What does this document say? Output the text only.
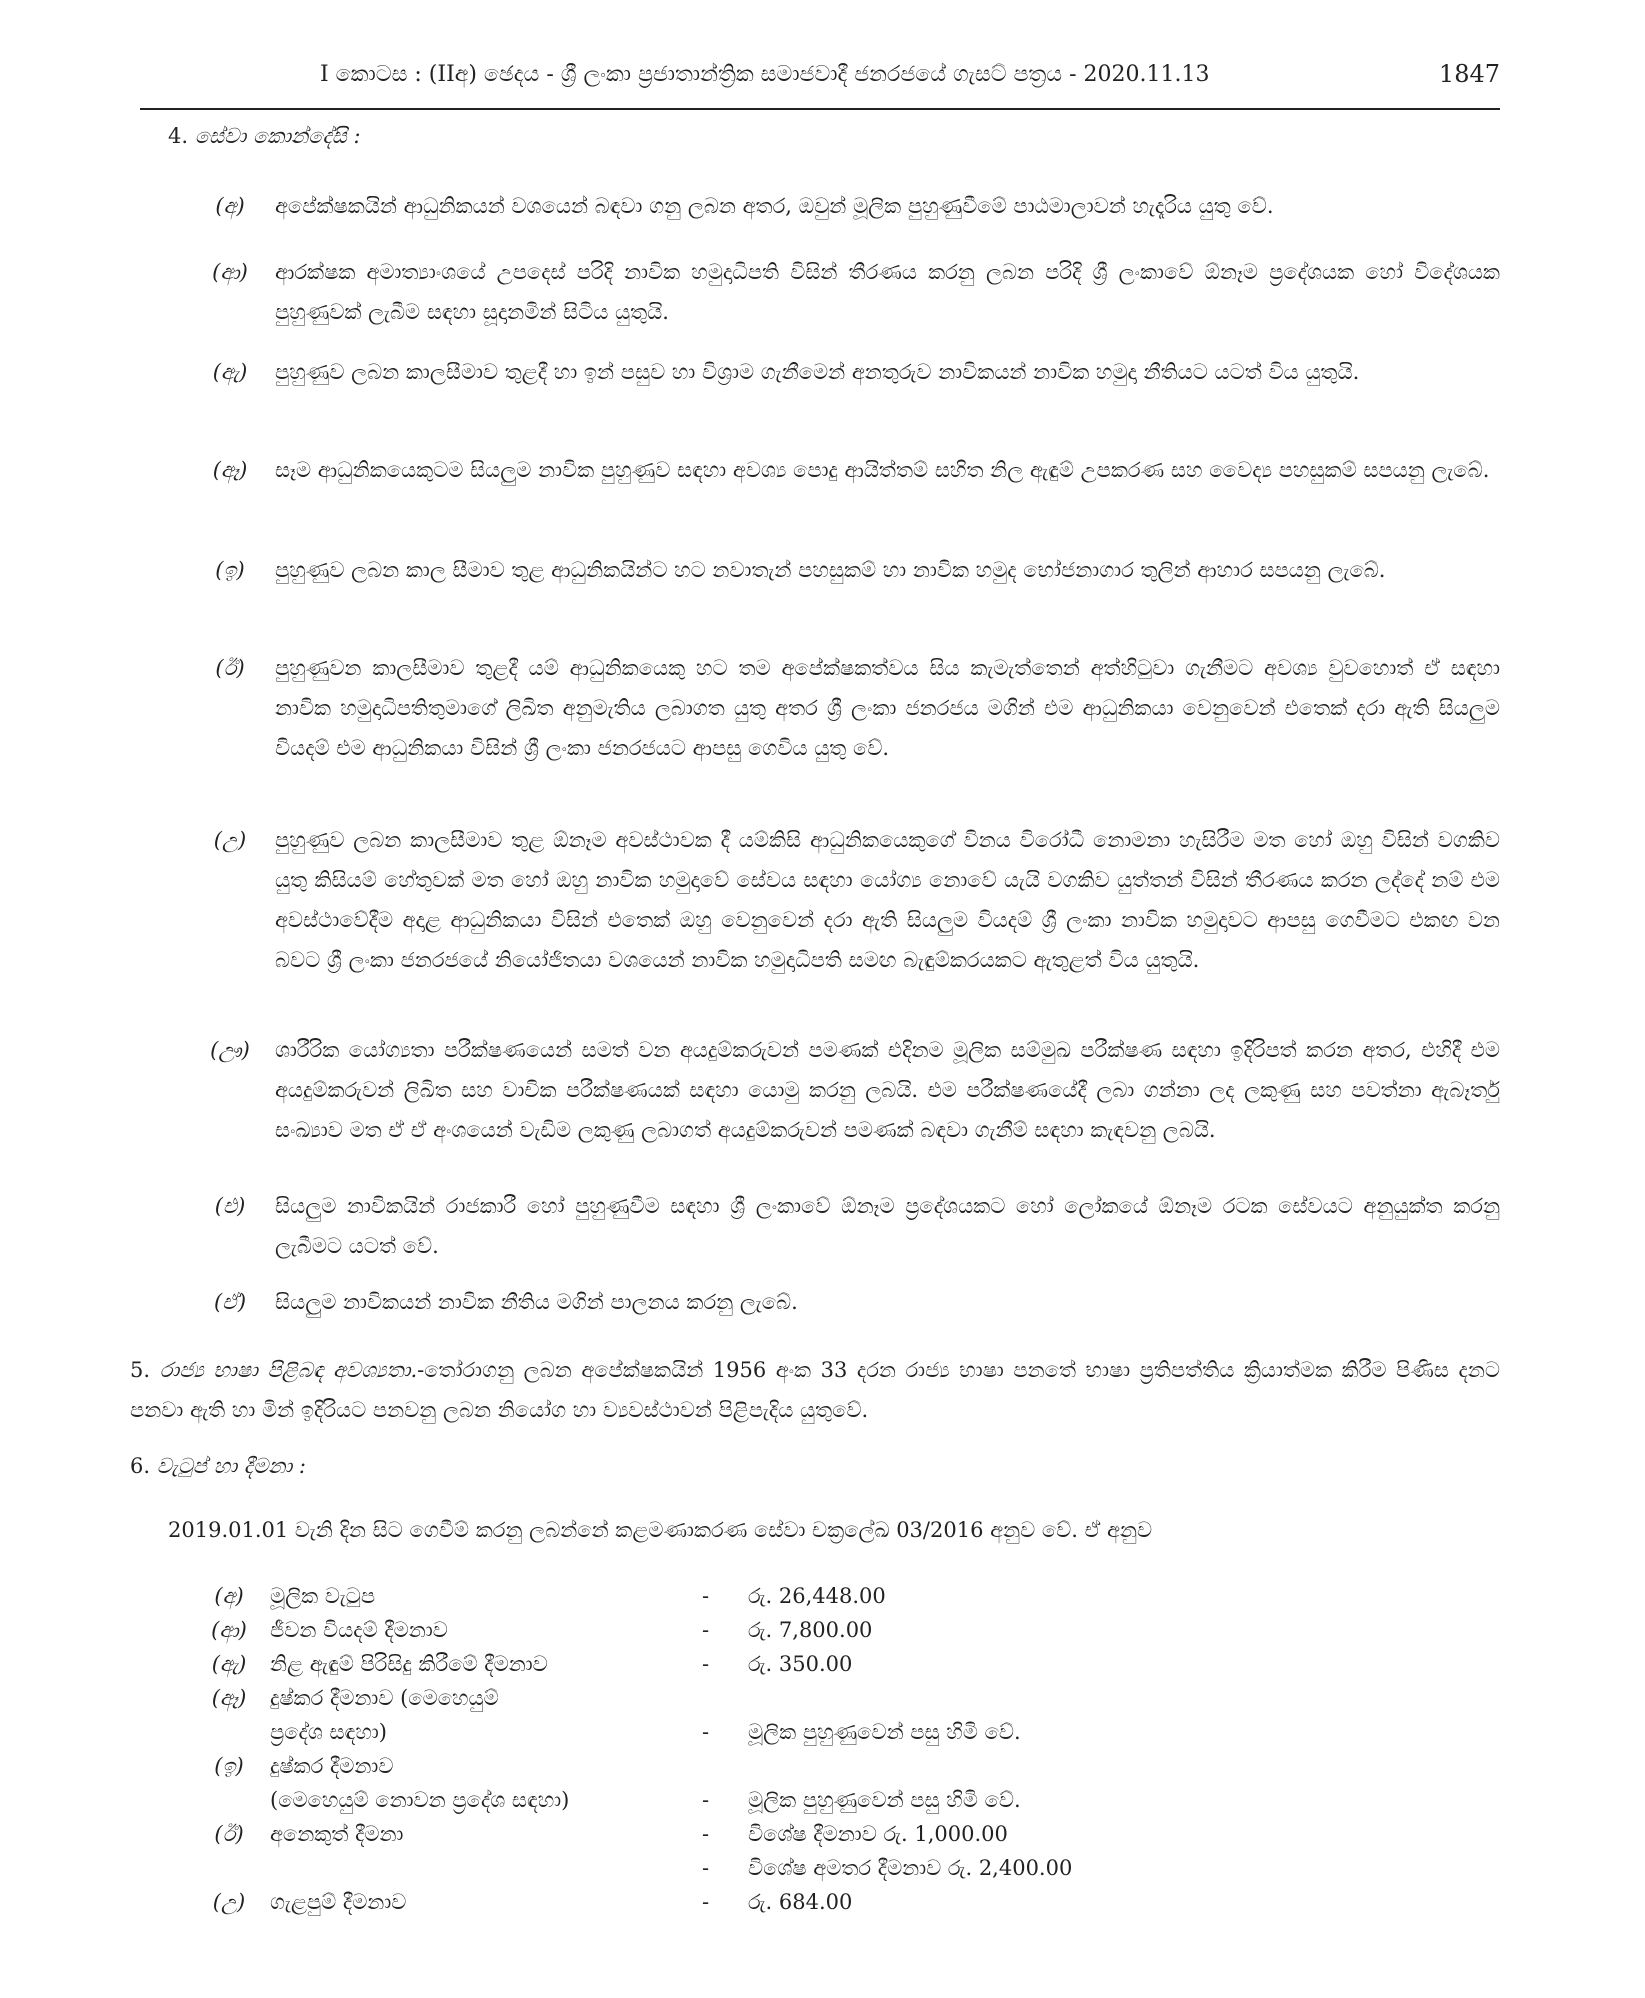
I කොටස : (IIඅ) ඡෙදය - ශ්‍රී ලංකා ප්‍රජාතාන්ත්‍රික සමාජවාදී ජනරජයේ ගැසට් පත්‍රය - 2020.11.13	1847
4. සේවා කොන්දේසි :
(අ)	අපේක්ෂකයින් ආධුනිකයන් වශයෙන් බඳවා ගනු ලබන අතර, ඔවුන් මූලික පුහුණුවීමේ පාඨමාලාවන් හැදෑරිය යුතු වේ.
(ආ)	ආරක්ෂක අමාත්‍යාංශයේ උපදෙස් පරිදි නාවික හමුදාධිපති විසින් තීරණය කරනු ලබන පරිදි ශ්‍රී ලංකාවේ ඕනෑම ප්‍රදේශයක හෝ විදේශයක පුහුණුවක් ලැබීම සඳහා සූදානමින් සිටිය යුතුයි.
(ඇ)	පුහුණුව ලබන කාලසීමාව තුළදී හා ඉන් පසුව හා විශ්‍රාම ගැනීමෙන් අනතුරුව නාවිකයන් නාවික හමුදා නීතියට යටත් විය යුතුයි.
(ඈ)	සෑම ආධුනිකයෙකුටම සියලුම නාවික පුහුණුව සඳහා අවශ්‍ය පොදු ආයිත්තම් සහිත නිල ඇඳුම් උපකරණ සහ වෛද්‍ය පහසුකම් සපයනු ලැබේ.
(ඉ)	පුහුණුව ලබන කාල සීමාව තුළ ආධුනිකයින්ට හට නවාතැන් පහසුකම් හා නාවික හමුද භෝජනාගාර තුලින් ආහාර සපයනු ලැබේ.
(ඊ)	පුහුණුවන කාලසීමාව තුළදී යම් ආධුනිකයෙකු හට තම අපේක්ෂකත්වය සිය කැමැත්තෙන් අත්හිටුවා ගැනීමට අවශ්‍ය වුවහොත් ඒ සඳහා නාවික හමුදාධිපතිතුමාගේ ලිඛිත අනුමැතිය ලබාගත යුතු අතර ශ්‍රී ලංකා ජනරජය මගින් එම ආධුනිකයා වෙනුවෙන් එතෙක් දරා ඇති සියලුම වියදම් එම ආධුනිකයා විසින් ශ්‍රී ලංකා ජනරජයට ආපසු ගෙවිය යුතු වේ.
(උ)	පුහුණුව ලබන කාලසීමාව තුළ ඕනෑම අවස්ථාවක දී යම්කිසි ආධුනිකයෙකුගේ විනය විරෝධී නොමනා හැසිරීම මත හෝ ඔහු විසින් වගකිව යුතු කිසියම් හේතුවක් මත හෝ ඔහු නාවික හමුදාවේ සේවය සඳහා යෝග්‍ය නොවේ යැයි වගකිව යුත්තන් විසින් තීරණය කරන ලද්දේ නම් එම අවස්ථාවේදීම අදාළ ආධුනිකයා විසින් එතෙක් ඔහු වෙනුවෙන් දරා ඇති සියලුම වියදම් ශ්‍රී ලංකා නාවික හමුදාවට ආපසු ගෙවීමට එකඟ වන බවට ශ්‍රී ලංකා ජනරජයේ නියෝජිතයා වශයෙන් නාවික හමුදාධිපති සමඟ බැඳුම්කරයකට ඇතුළත් විය යුතුයි.
(ඌ)	ශාරීරික යෝග්‍යතා පරීක්ෂණයෙන් සමත් වන අයදුම්කරුවන් පමණක් එදිනම මූලික සම්මුඛ පරීක්ෂණ සඳහා ඉදිරිපත් කරන අතර, එහිදී එම අයදුම්කරුවන් ලිඛිත සහ වාචික පරීක්ෂණයක් සඳහා යොමු කරනු ලබයි. එම පරීක්ෂණයේදී ලබා ගන්නා ලද ලකුණු සහ පවත්නා ඇබෑර්තු සංඛ්‍යාව මත ඒ ඒ අංශයෙන් වැඩිම ලකුණු ලබාගත් අයදුම්කරුවන් පමණක් බඳවා ගැනීම් සඳහා කැඳවනු ලබයි.
(එ)	සියලුම නාවිකයින් රාජකාරී හෝ පුහුණුවීම සඳහා ශ්‍රී ලංකාවේ ඕනෑම ප්‍රදේශයකට හෝ ලෝකයේ ඕනෑම රටක සේවයට අනුයුක්ත කරනු ලැබීමට යටත් වේ.
(ඒ)	සියලුම නාවිකයන් නාවික නීතිය මගින් පාලනය කරනු ලැබේ.
5. රාජ්‍ය භාෂා පිළිබඳ අවශ්‍යතා.-තෝරාගනු ලබන අපේක්ෂකයින් 1956 අංක 33 දරන රාජ්‍ය භාෂා පනතේ භාෂා ප්‍රතිපත්තිය ක්‍රියාත්මක කිරීම පිණිස දනට පනවා ඇති හා මින් ඉදිරියට පනවනු ලබන නියෝග හා ව්‍යවස්ථාවන් පිළිපැදිය යුතුවේ.
6. වැටුප් හා දීමනා :
2019.01.01 වැනි දින සිට ගෙවීම් කරනු ලබන්නේ කළමණාකරණ සේවා චක්‍රලේඛ 03/2016 අනුව වේ. ඒ අනුව
(අ)	මූලික වැටුප	- රු. 26,448.00
(ආ)	ජීවන වියදම් දීමනාව	- රු. 7,800.00
(ඇ)	නිළ ඇඳුම් පිරිසිදු කිරීමේ දීමනාව	- රු. 350.00
(ඈ)	දුෂ්කර දීමනාව (මෙහෙයුම්
ප්‍රදේශ සඳහා)	- මූලික පුහුණුවෙන් පසු හිමි වේ.
(ඉ)	දුෂ්කර දීමනාව
(මෙහෙයුම් නොවන ප්‍රදේශ සඳහා)	- මූලික පුහුණුවෙන් පසු හිමි වේ.
(ඊ)	අනෙකුත් දීමනා	- විශේෂ දීමනාව රු. 1,000.00
- විශේෂ අමතර දීමනාව රු. 2,400.00
(උ)	ගැළපුම් දීමනාව	- රු. 684.00
